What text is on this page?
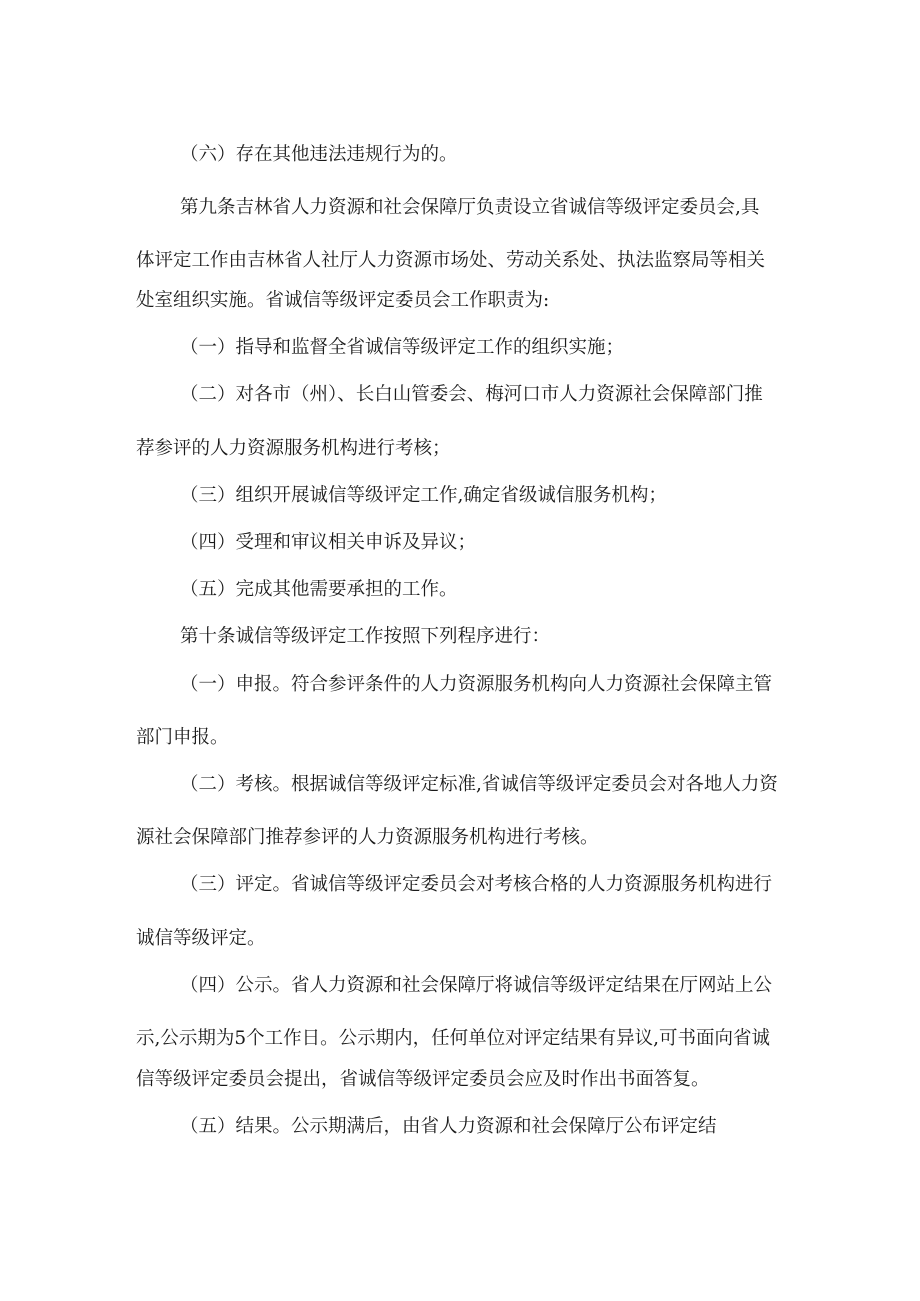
（六）存在其他违法违规行为的。
第九条吉林省人力资源和社会保障厅负责设立省诚信等级评定委员会,具
体评定工作由吉林省人社厅人力资源市场处、劳动关系处、执法监察局等相关
处室组织实施。省诚信等级评定委员会工作职责为:
（一）指导和监督全省诚信等级评定工作的组织实施；
（二）对各市（州）、长白山管委会、梅河口市人力资源社会保障部门推
荐参评的人力资源服务机构进行考核；
（三）组织开展诚信等级评定工作,确定省级诚信服务机构；
（四）受理和审议相关申诉及异议；
（五）完成其他需要承担的工作。
第十条诚信等级评定工作按照下列程序进行：
（一）申报。符合参评条件的人力资源服务机构向人力资源社会保障主管
部门申报。
（二）考核。根据诚信等级评定标准,省诚信等级评定委员会对各地人力资
源社会保障部门推荐参评的人力资源服务机构进行考核。
（三）评定。省诚信等级评定委员会对考核合格的人力资源服务机构进行
诚信等级评定。
（四）公示。省人力资源和社会保障厅将诚信等级评定结果在厅网站上公
示,公示期为5个工作日。公示期内，任何单位对评定结果有异议,可书面向省诚
信等级评定委员会提出，省诚信等级评定委员会应及时作出书面答复。
（五）结果。公示期满后，由省人力资源和社会保障厅公布评定结
